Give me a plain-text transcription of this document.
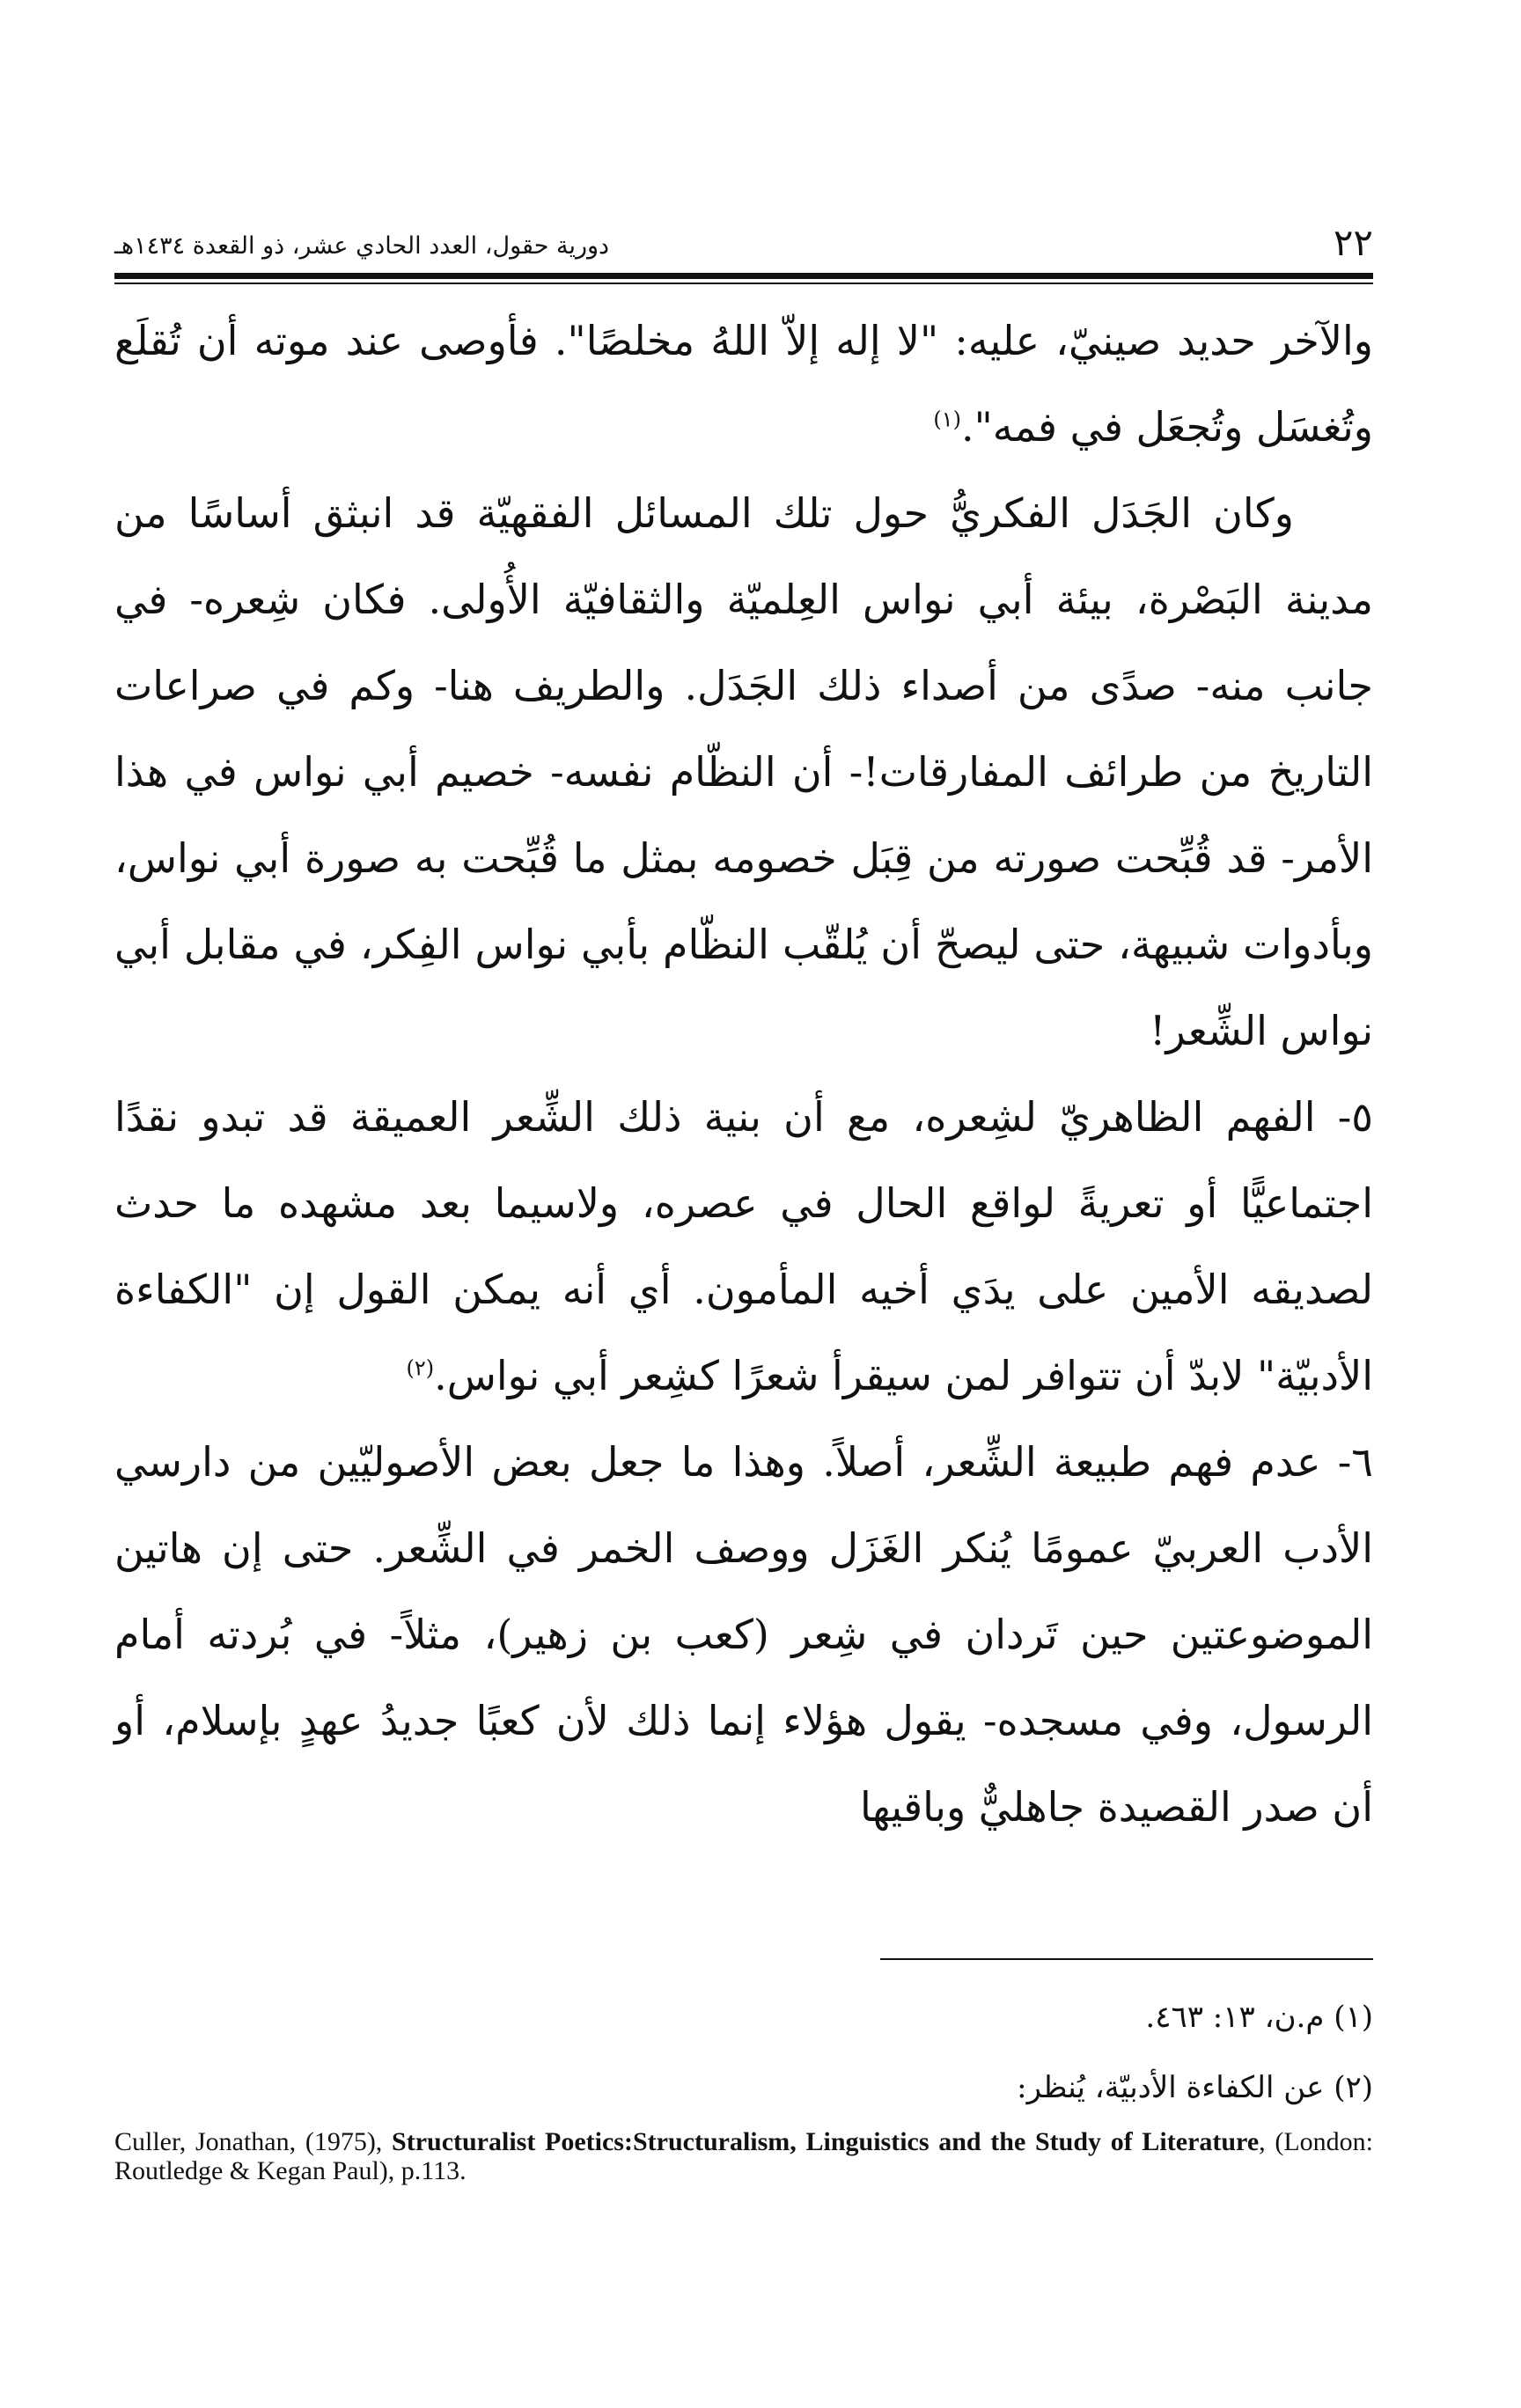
٢٢
دورية حقول، العدد الحادي عشر، ذو القعدة ١٤٣٤هـ

والآخر حديد صينيّ، عليه: "لا إله إلاّ اللهُ مخلصًا". فأوصى عند موته أن تُقلَع وتُغسَل وتُجعَل في فمه".$^{(١)}$

وكان الجَدَل الفكريُّ حول تلك المسائل الفقهيّة قد انبثق أساسًا من مدينة البَصْرة، بيئة أبي نواس العِلميّة والثقافيّة الأُولى. فكان شِعره- في جانب منه- صدًى من أصداء ذلك الجَدَل. والطريف هنا- وكم في صراعات التاريخ من طرائف المفارقات!- أن النظّام نفسه- خصيم أبي نواس في هذا الأمر- قد قُبِّحت صورته من قِبَل خصومه بمثل ما قُبِّحت به صورة أبي نواس، وبأدوات شبيهة، حتى ليصحّ أن يُلقّب النظّام بأبي نواس الفِكر، في مقابل أبي نواس الشِّعر!

٥- الفهم الظاهريّ لشِعره، مع أن بنية ذلك الشِّعر العميقة قد تبدو نقدًا اجتماعيًّا أو تعريةً لواقع الحال في عصره، ولاسيما بعد مشهده ما حدث لصديقه الأمين على يدَي أخيه المأمون. أي أنه يمكن القول إن "الكفاءة الأدبيّة" لابدّ أن تتوافر لمن سيقرأ شعرًا كشِعر أبي نواس.$^{(٢)}$

٦- عدم فهم طبيعة الشِّعر، أصلاً. وهذا ما جعل بعض الأصوليّين من دارسي الأدب العربيّ عمومًا يُنكر الغَزَل ووصف الخمر في الشِّعر. حتى إن هاتين الموضوعتين حين تَردان في شِعر (كعب بن زهير)، مثلاً- في بُردته أمام الرسول، وفي مسجده- يقول هؤلاء إنما ذلك لأن كعبًا جديدُ عهدٍ بإسلام، أو أن صدر القصيدة جاهليٌّ وباقيها

(١) م.ن، ١٣: ٤٦٣.
(٢) عن الكفاءة الأدبيّة، يُنظر:
Culler, Jonathan, (1975), Structuralist Poetics:Structuralism, Linguistics and the Study of Literature, (London: Routledge & Kegan Paul), p.113.
